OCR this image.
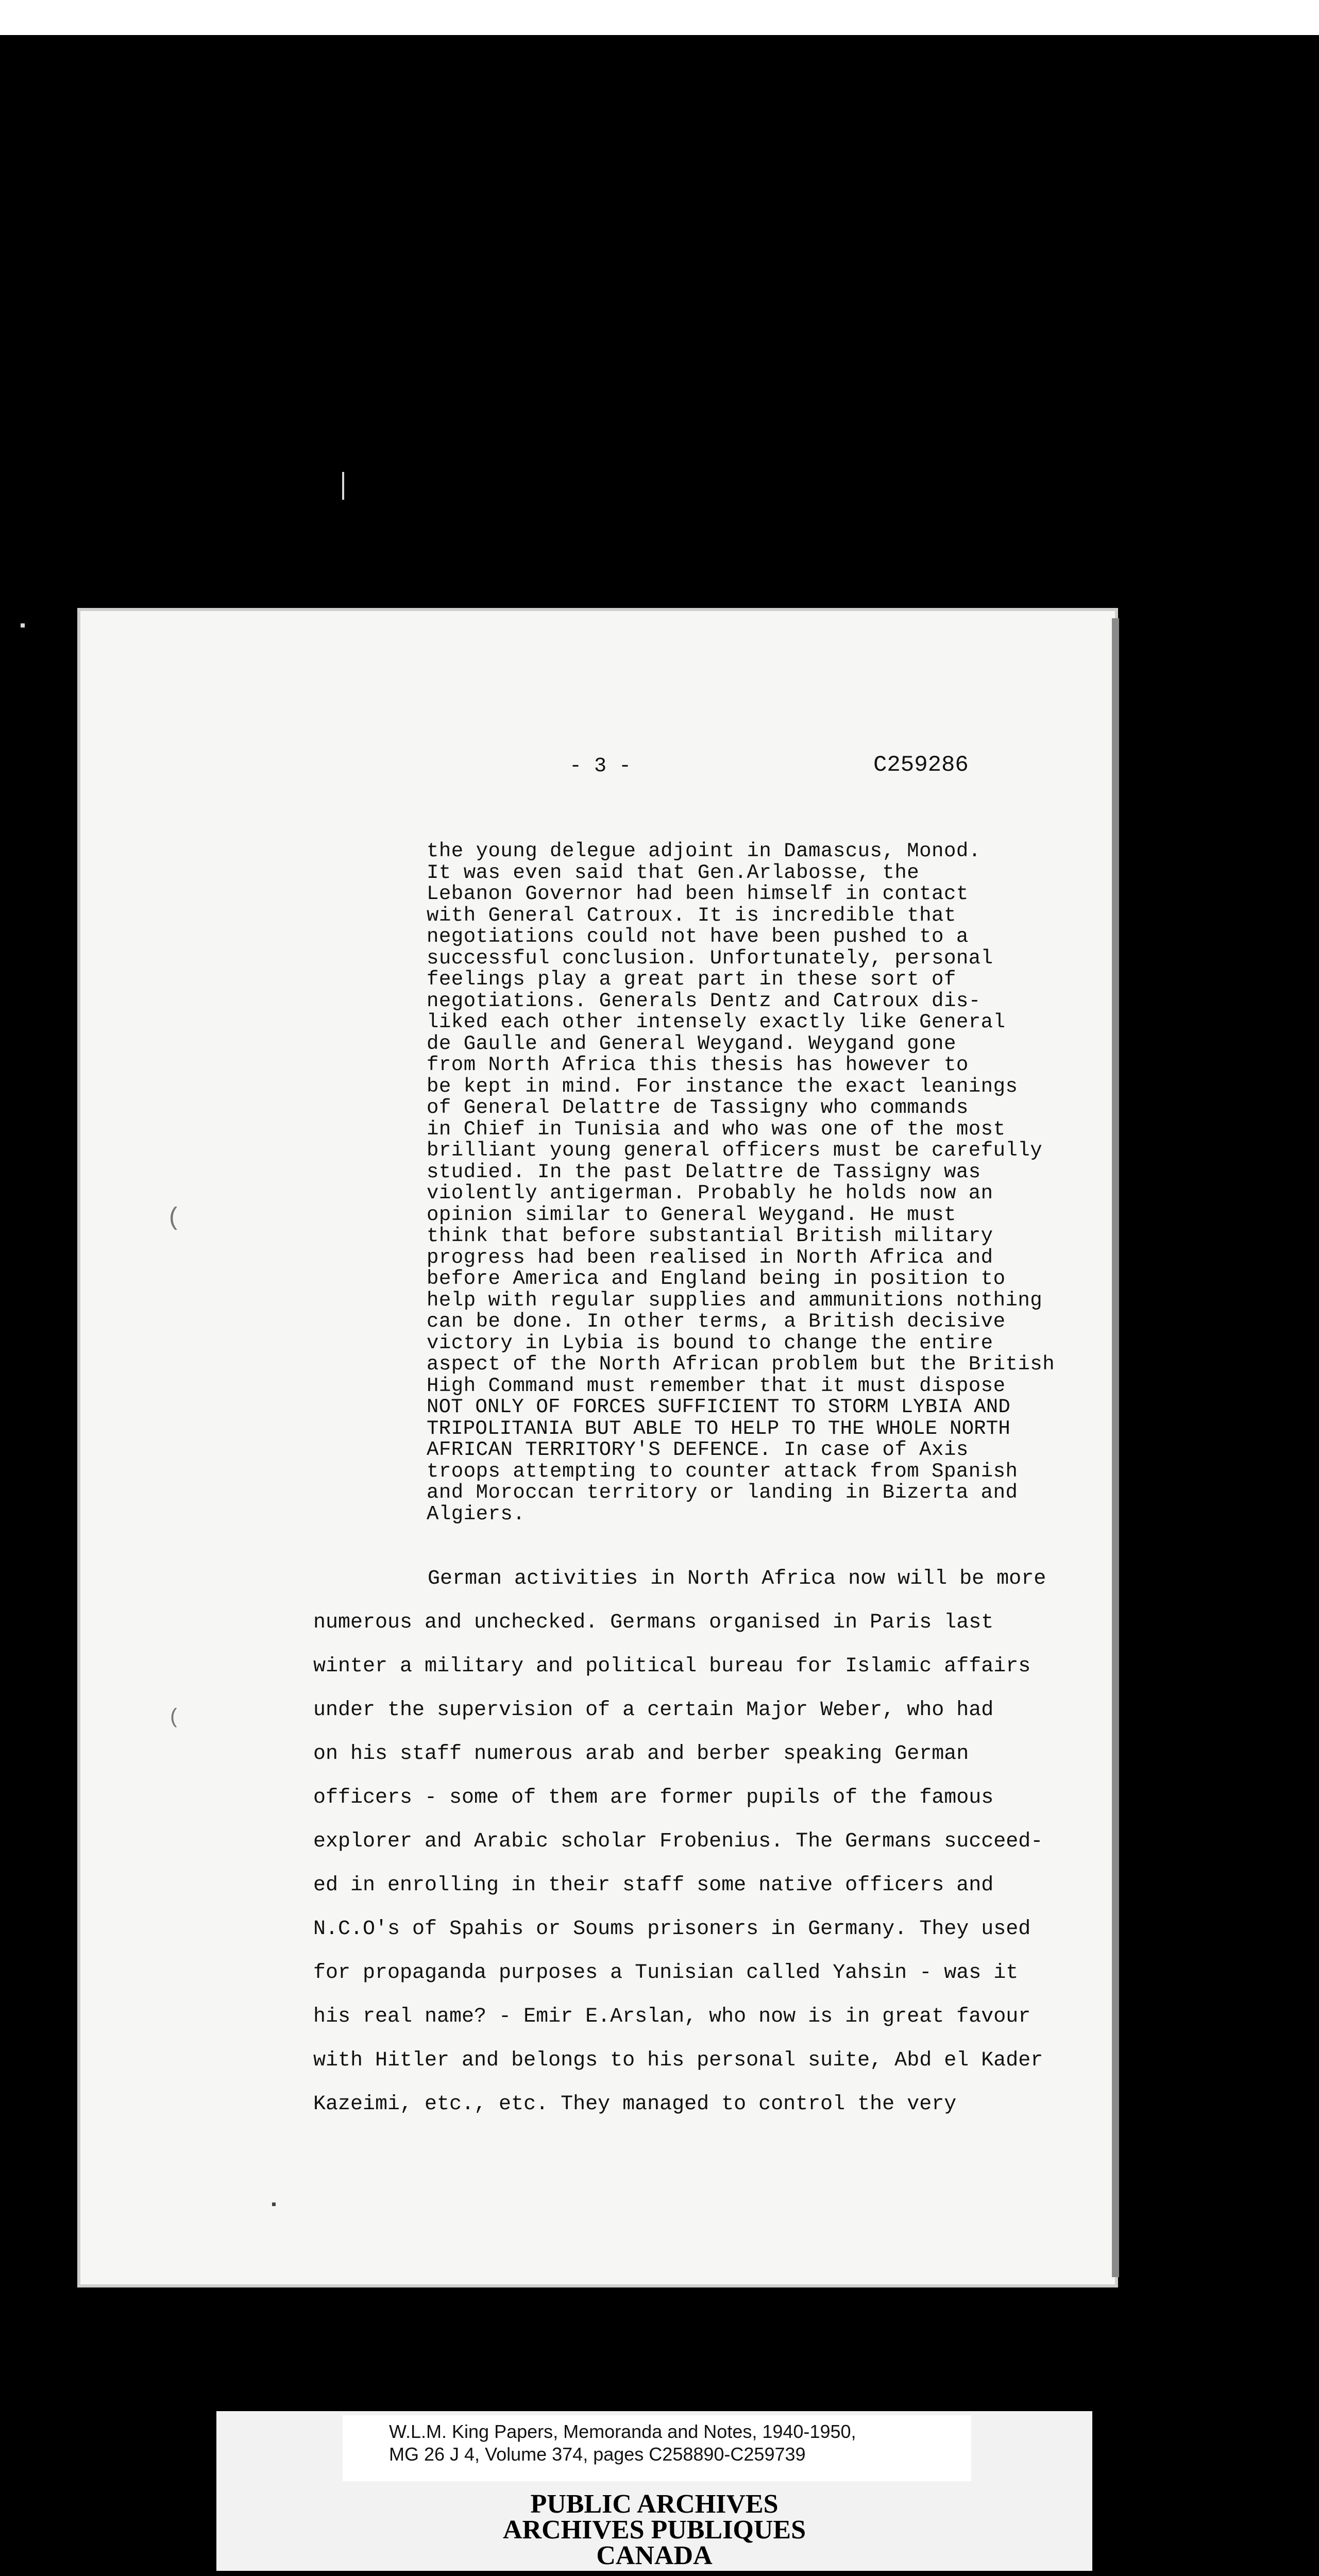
- 3 -	C259286
the young delegue adjoint in Damascus, Monod.
It was even said that Gen.Arlabosse, the
Lebanon Governor had been himself in contact
with General Catroux. It is incredible that
negotiations could not have been pushed to a
successful conclusion. Unfortunately, personal
feelings play a great part in these sort of
negotiations. Generals Dentz and Catroux dis-
liked each other intensely exactly like General
de Gaulle and General Weygand. Weygand gone
from North Africa this thesis has however to
be kept in mind. For instance the exact leanings
of General Delattre de Tassigny who commands
in Chief in Tunisia and who was one of the most
brilliant young general officers must be carefully
studied. In the past Delattre de Tassigny was
violently antigerman. Probably he holds now an
opinion similar to General Weygand. He must
think that before substantial British military
progress had been realised in North Africa and
before America and England being in position to
help with regular supplies and ammunitions nothing
can be done. In other terms, a British decisive
victory in Lybia is bound to change the entire
aspect of the North African problem but the British
High Command must remember that it must dispose
NOT ONLY OF FORCES SUFFICIENT TO STORM LYBIA AND
TRIPOLITANIA BUT ABLE TO HELP TO THE WHOLE NORTH
AFRICAN TERRITORY'S DEFENCE. In case of Axis
troops attempting to counter attack from Spanish
and Moroccan territory or landing in Bizerta and
Algiers.
(
(
German activities in North Africa now will be more
numerous and unchecked. Germans organised in Paris last
winter a military and political bureau for Islamic affairs
under the supervision of a certain Major Weber, who had
on his staff numerous arab and berber speaking German
officers - some of them are former pupils of the famous
explorer and Arabic scholar Frobenius. The Germans succeed-
ed in enrolling in their staff some native officers and
N.C.O's of Spahis or Soums prisoners in Germany. They used
for propaganda purposes a Tunisian called Yahsin - was it
his real name? - Emir E.Arslan, who now is in great favour
with Hitler and belongs to his personal suite, Abd el Kader
Kazeimi, etc., etc. They managed to control the very
W.L.M. King Papers, Memoranda and Notes, 1940-1950,
MG 26 J 4, Volume 374, pages C258890-C259739
PUBLIC ARCHIVES
ARCHIVES PUBLIQUES
CANADA
